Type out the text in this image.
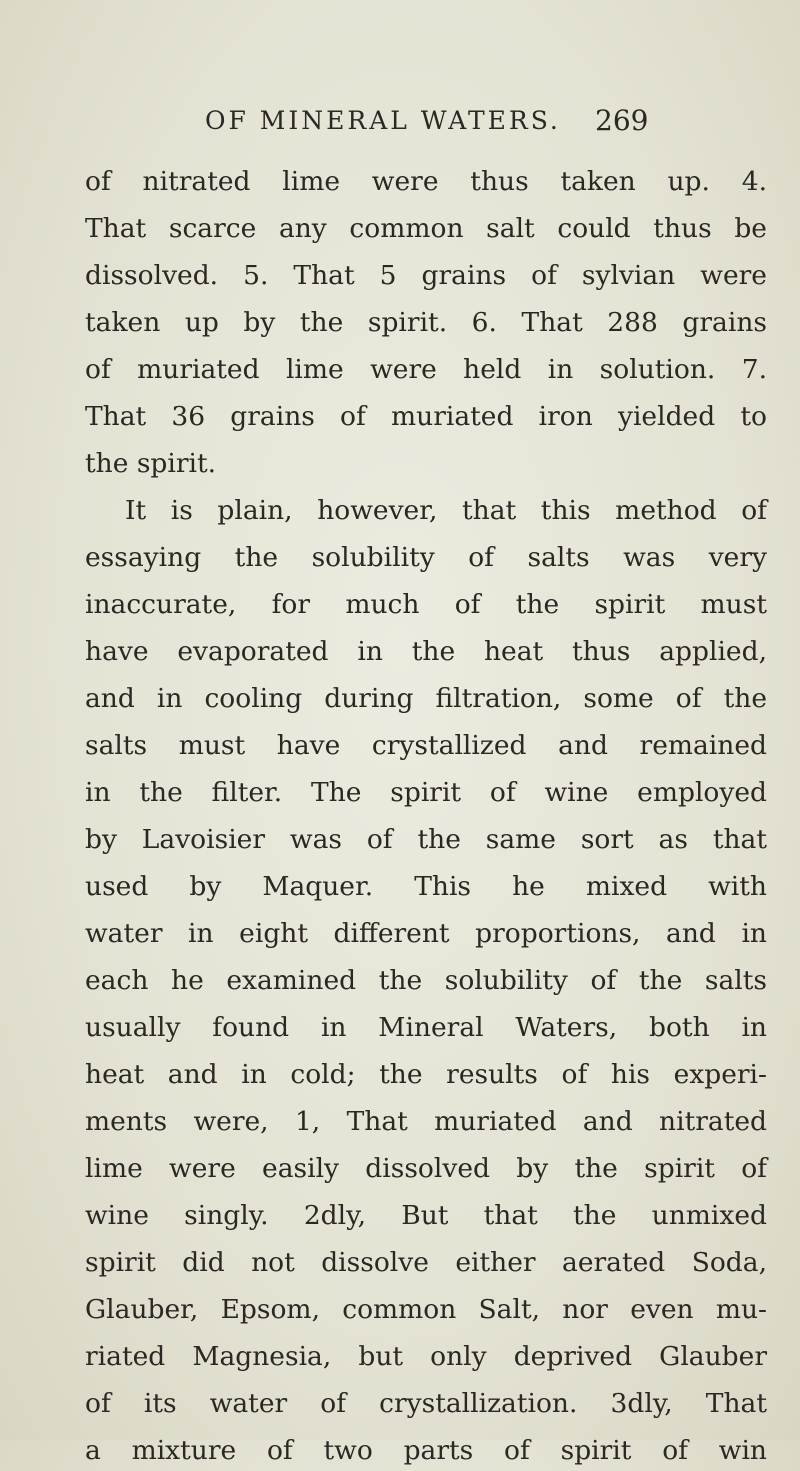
OF MINERAL WATERS. 269
of nitrated lime were thus taken up. 4.
That scarce any common salt could thus be
dissolved. 5. That 5 grains of sylvian were
taken up by the spirit. 6. That 288 grains
of muriated lime were held in solution. 7.
That 36 grains of muriated iron yielded to
the spirit.
It is plain, however, that this method of
essaying the solubility of salts was very
inaccurate, for much of the spirit must
have evaporated in the heat thus applied,
and in cooling during filtration, some of the
salts must have crystallized and remained
in the filter. The spirit of wine employed
by Lavoisier was of the same sort as that
used by Maquer. This he mixed with
water in eight different proportions, and in
each he examined the solubility of the salts
usually found in Mineral Waters, both in
heat and in cold; the results of his experi-
ments were, 1, That muriated and nitrated
lime were easily dissolved by the spirit of
wine singly. 2dly, But that the unmixed
spirit did not dissolve either aerated Soda,
Glauber, Epsom, common Salt, nor even mu-
riated Magnesia, but only deprived Glauber
of its water of crystallization. 3dly, That
a mixture of two parts of spirit of win
